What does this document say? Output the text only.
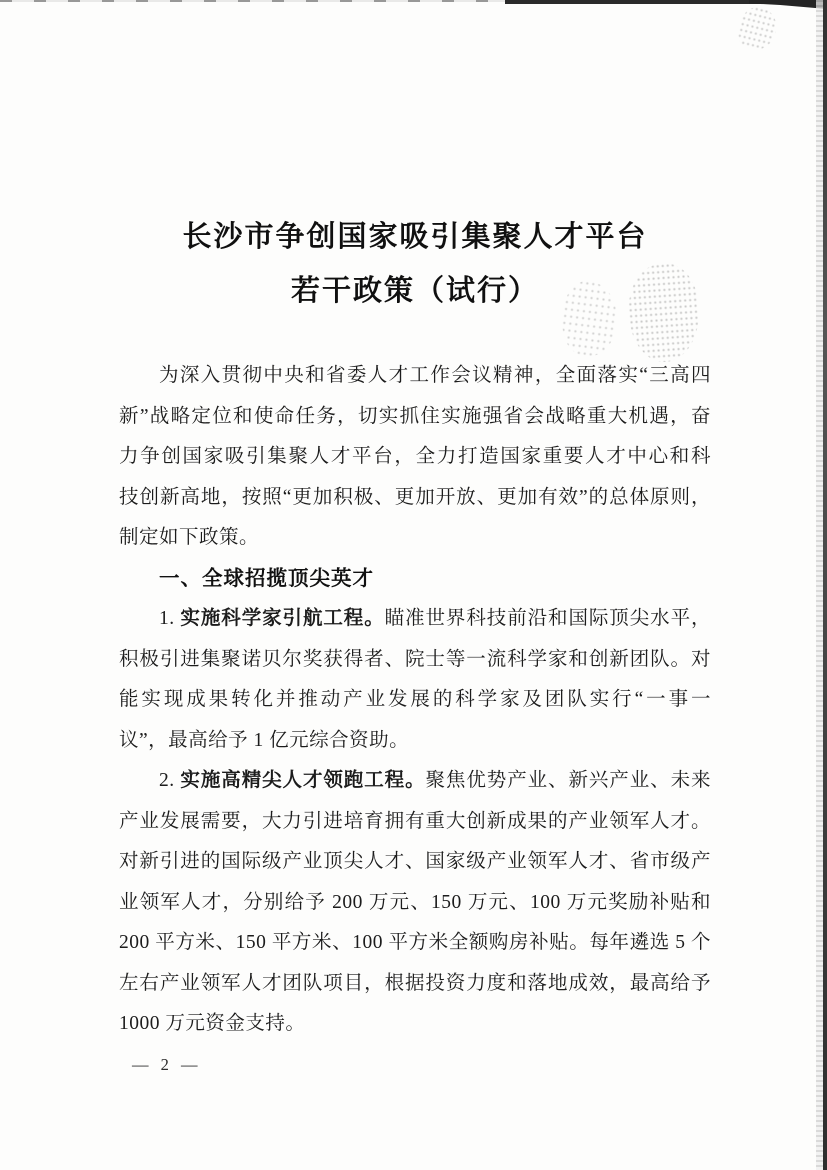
长沙市争创国家吸引集聚人才平台
若干政策（试行）
为深入贯彻中央和省委人才工作会议精神，全面落实“三高四
新”战略定位和使命任务，切实抓住实施强省会战略重大机遇，奋
力争创国家吸引集聚人才平台，全力打造国家重要人才中心和科
技创新高地，按照“更加积极、更加开放、更加有效”的总体原则，
制定如下政策。
一、全球招揽顶尖英才
1. 实施科学家引航工程。瞄准世界科技前沿和国际顶尖水平，
积极引进集聚诺贝尔奖获得者、院士等一流科学家和创新团队。对
能实现成果转化并推动产业发展的科学家及团队实行“一事一
议”，最高给予 1 亿元综合资助。
2. 实施高精尖人才领跑工程。聚焦优势产业、新兴产业、未来
产业发展需要，大力引进培育拥有重大创新成果的产业领军人才。
对新引进的国际级产业顶尖人才、国家级产业领军人才、省市级产
业领军人才，分别给予 200 万元、150 万元、100 万元奖励补贴和
200 平方米、150 平方米、100 平方米全额购房补贴。每年遴选 5 个
左右产业领军人才团队项目，根据投资力度和落地成效，最高给予
1000 万元资金支持。
— 2 —
